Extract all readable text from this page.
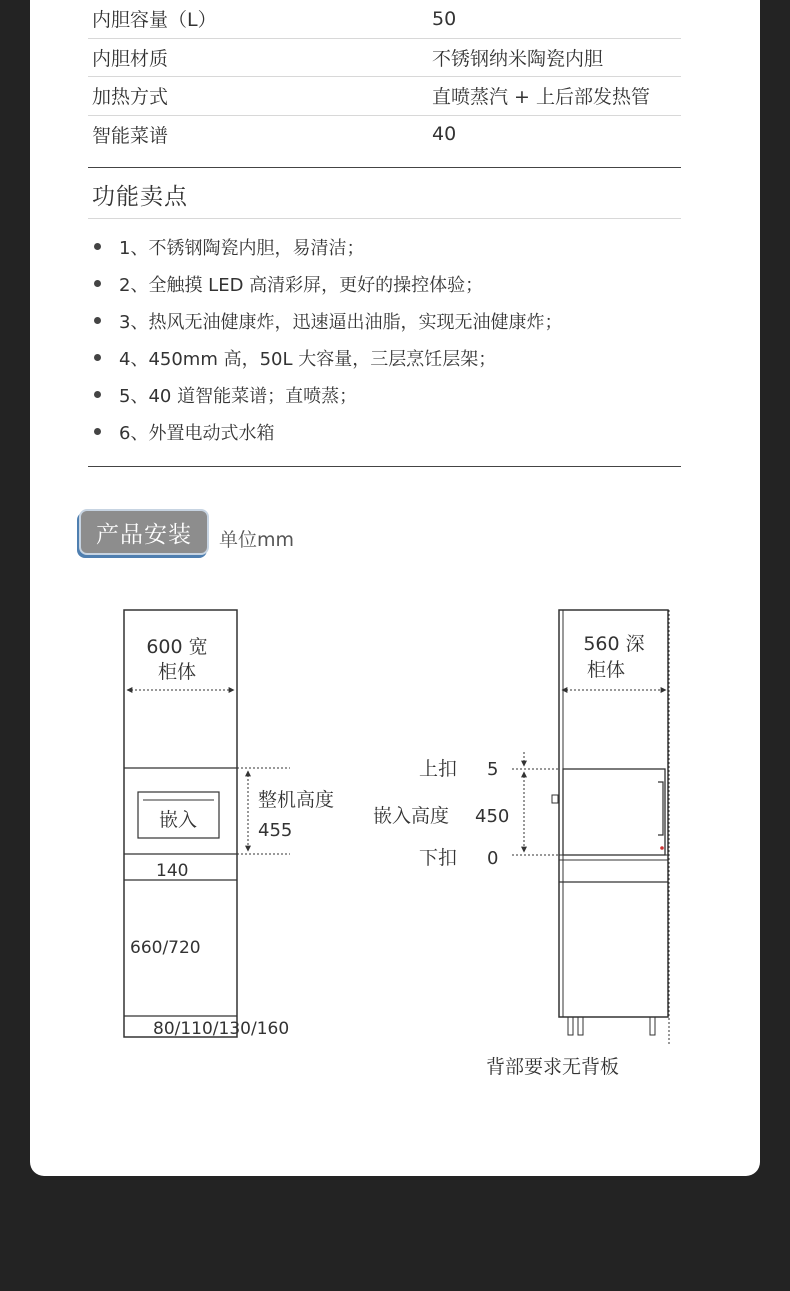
内胆容量（L）	50
内胆材质	不锈钢纳米陶瓷内胆
加热方式	直喷蒸汽 + 上后部发热管
智能菜谱	40
功能卖点
1、不锈钢陶瓷内胆，易清洁；
2、全触摸 LED 高清彩屏，更好的操控体验；
3、热风无油健康炸，迅速逼出油脂，实现无油健康炸；
4、450mm 高，50L 大容量，三层烹饪层架；
5、40 道智能菜谱；直喷蒸；
6、外置电动式水箱
产品安装	单位mm
600 宽
柜体
嵌入
整机高度
455
140
660/720
80/110/130/160
560 深
柜体
上扣 5
嵌入高度 450
下扣 0
背部要求无背板
